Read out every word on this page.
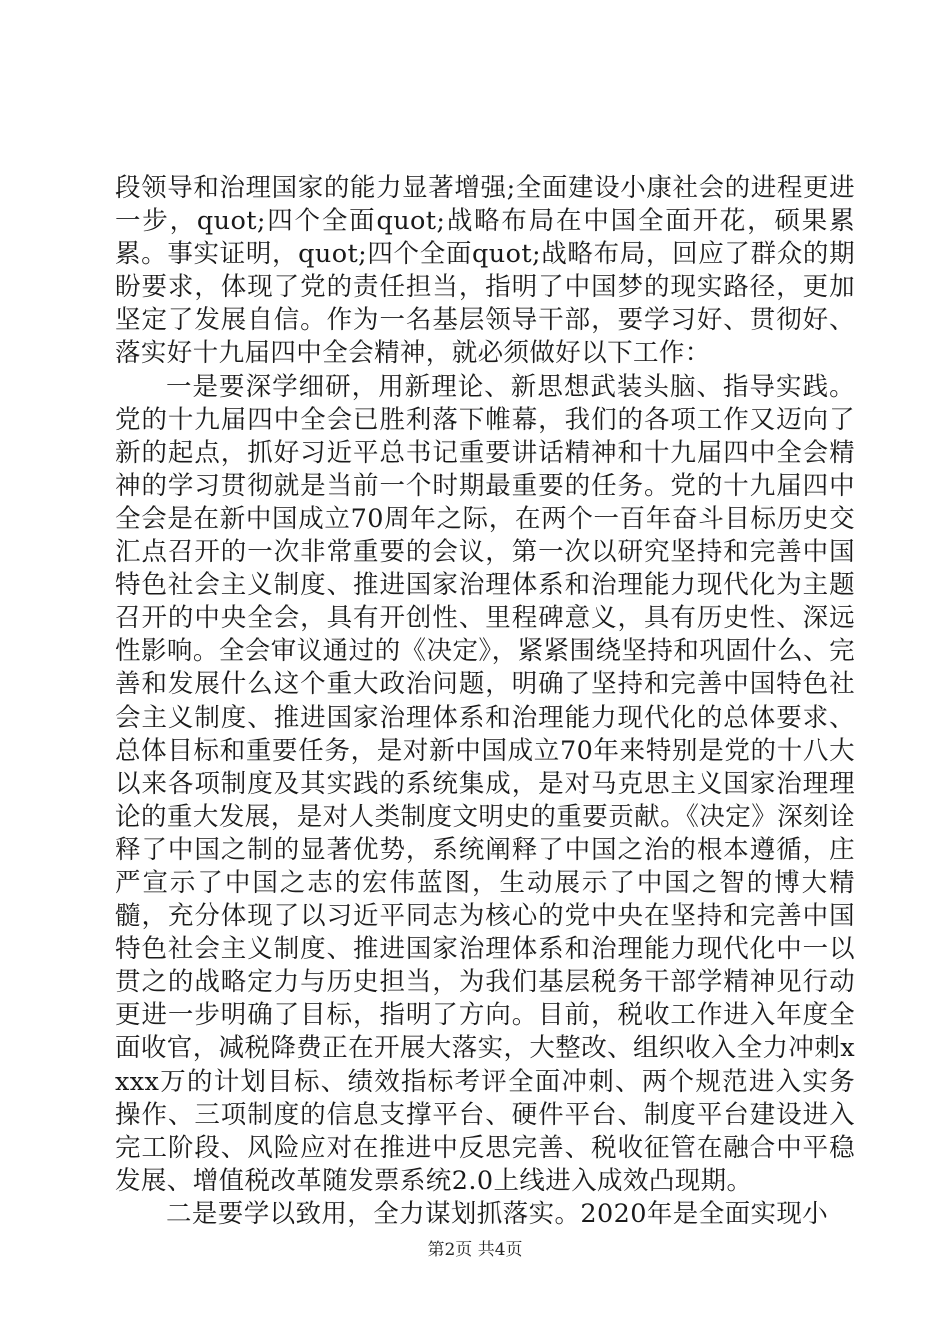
段领导和治理国家的能力显著增强;全面建设小康社会的进程更进一步，quot;四个全面quot;战略布局在中国全面开花，硕果累累。事实证明，quot;四个全面quot;战略布局，回应了群众的期盼要求，体现了党的责任担当，指明了中国梦的现实路径，更加坚定了发展自信。作为一名基层领导干部，要学习好、贯彻好、落实好十九届四中全会精神，就必须做好以下工作：

一是要深学细研，用新理论、新思想武装头脑、指导实践。党的十九届四中全会已胜利落下帷幕，我们的各项工作又迈向了新的起点，抓好习近平总书记重要讲话精神和十九届四中全会精神的学习贯彻就是当前一个时期最重要的任务。党的十九届四中全会是在新中国成立70周年之际，在两个一百年奋斗目标历史交汇点召开的一次非常重要的会议，第一次以研究坚持和完善中国特色社会主义制度、推进国家治理体系和治理能力现代化为主题召开的中央全会，具有开创性、里程碑意义，具有历史性、深远性影响。全会审议通过的《决定》，紧紧围绕坚持和巩固什么、完善和发展什么这个重大政治问题，明确了坚持和完善中国特色社会主义制度、推进国家治理体系和治理能力现代化的总体要求、总体目标和重要任务，是对新中国成立70年来特别是党的十八大以来各项制度及其实践的系统集成，是对马克思主义国家治理理论的重大发展，是对人类制度文明史的重要贡献。《决定》深刻诠释了中国之制的显著优势，系统阐释了中国之治的根本遵循，庄严宣示了中国之志的宏伟蓝图，生动展示了中国之智的博大精髓，充分体现了以习近平同志为核心的党中央在坚持和完善中国特色社会主义制度、推进国家治理体系和治理能力现代化中一以贯之的战略定力与历史担当，为我们基层税务干部学精神见行动更进一步明确了目标，指明了方向。目前，税收工作进入年度全面收官，减税降费正在开展大落实，大整改、组织收入全力冲刺xxxx万的计划目标、绩效指标考评全面冲刺、两个规范进入实务操作、三项制度的信息支撑平台、硬件平台、制度平台建设进入完工阶段、风险应对在推进中反思完善、税收征管在融合中平稳发展、增值税改革随发票系统2.0上线进入成效凸现期。

二是要学以致用，全力谋划抓落实。2020年是全面实现小

第2页 共4页
